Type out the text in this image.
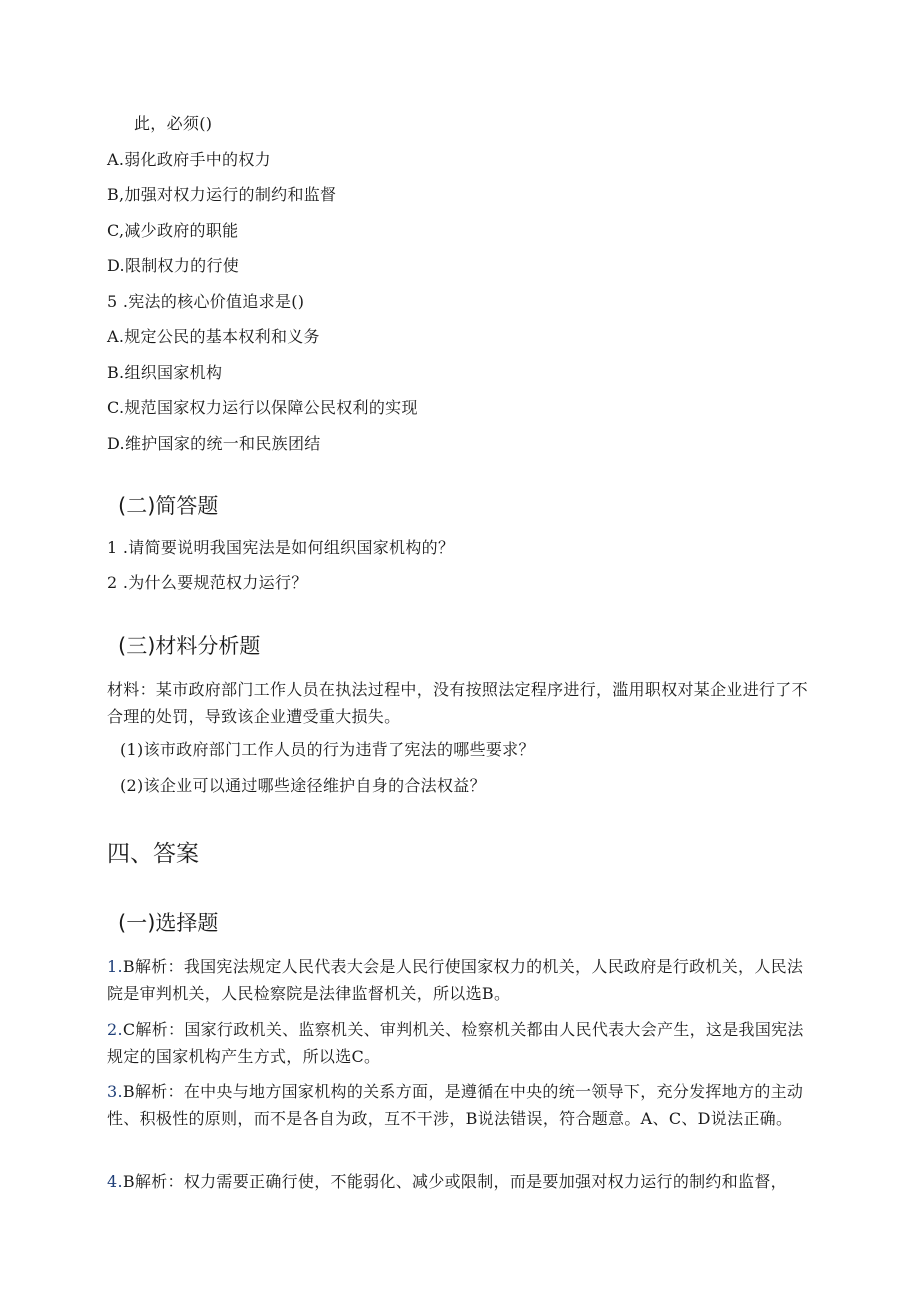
此，必须()
A.弱化政府手中的权力
B,加强对权力运行的制约和监督
C,减少政府的职能
D.限制权力的行使
5 .宪法的核心价值追求是()
A.规定公民的基本权利和义务
B.组织国家机构
C.规范国家权力运行以保障公民权利的实现
D.维护国家的统一和民族团结
(二)简答题
1 .请简要说明我国宪法是如何组织国家机构的？
2 .为什么要规范权力运行？
(三)材料分析题
材料：某市政府部门工作人员在执法过程中，没有按照法定程序进行，滥用职权对某企业进行了不合理的处罚，导致该企业遭受重大损失。
(1)该市政府部门工作人员的行为违背了宪法的哪些要求？
(2)该企业可以通过哪些途径维护自身的合法权益？
四、答案
(一)选择题
1.B解析：我国宪法规定人民代表大会是人民行使国家权力的机关，人民政府是行政机关，人民法院是审判机关，人民检察院是法律监督机关，所以选B。
2.C解析：国家行政机关、监察机关、审判机关、检察机关都由人民代表大会产生，这是我国宪法规定的国家机构产生方式，所以选C。
3.B解析：在中央与地方国家机构的关系方面，是遵循在中央的统一领导下，充分发挥地方的主动性、积极性的原则，而不是各自为政，互不干涉，B说法错误，符合题意。A、C、D说法正确。
4.B解析：权力需要正确行使，不能弱化、减少或限制，而是要加强对权力运行的制约和监督，
